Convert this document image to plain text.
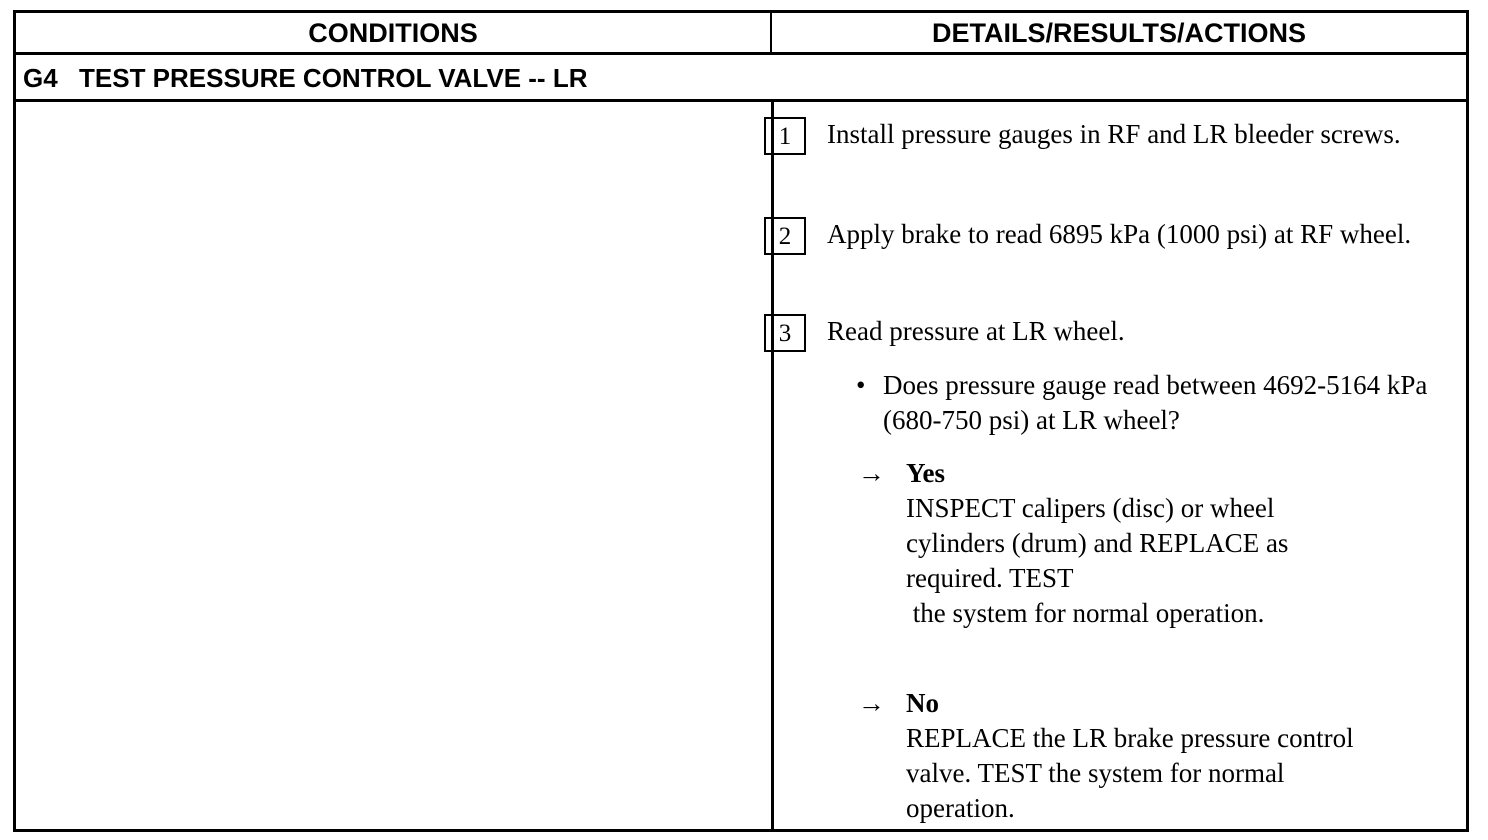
CONDITIONS	DETAILS/RESULTS/ACTIONS
G4 TEST PRESSURE CONTROL VALVE -- LR
1	Install pressure gauges in RF and LR bleeder screws.
2	Apply brake to read 6895 kPa (1000 psi) at RF wheel.
3	Read pressure at LR wheel.
• Does pressure gauge read between 4692-5164 kPa (680-750 psi) at LR wheel?
→ Yes
INSPECT calipers (disc) or wheel
cylinders (drum) and REPLACE as
required. TEST
the system for normal operation.
→ No
REPLACE the LR brake pressure control
valve. TEST the system for normal
operation.
